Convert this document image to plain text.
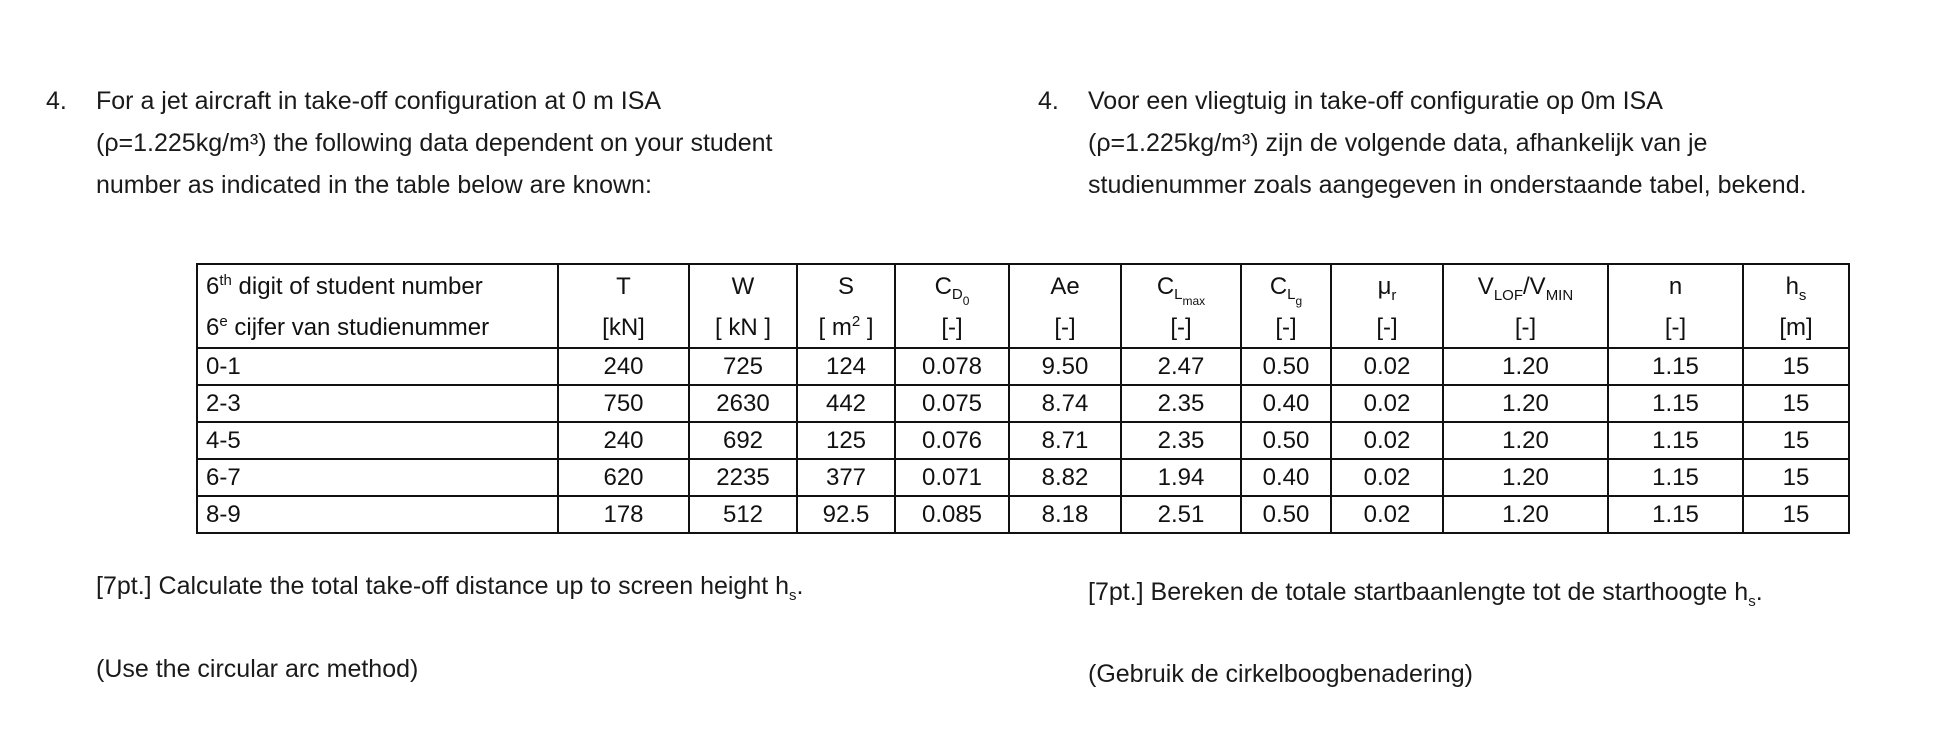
4.	For a jet aircraft in take-off configuration at 0 m ISA
(ρ=1.225kg/m³) the following data dependent on your student
number as indicated in the table below are known:
4.	Voor een vliegtuig in take-off configuratie op 0m ISA
(ρ=1.225kg/m³) zijn de volgende data, afhankelijk van je
studienummer zoals aangegeven in onderstaande tabel, bekend.
6th digit of student number	T	W	S	$C_{D_0}$	Ae	$C_{L_{max}}$	$C_{L_g}$	$\mu_r$	$V_{LOF}/V_{MIN}$	n	$h_s$
6e cijfer van studienummer	[kN]	[ kN ]	[ $m^2$ ]	[-]	[-]	[-]	[-]	[-]	[-]	[-]	[m]
0-1	240	725	124	0.078	9.50	2.47	0.50	0.02	1.20	1.15	15
2-3	750	2630	442	0.075	8.74	2.35	0.40	0.02	1.20	1.15	15
4-5	240	692	125	0.076	8.71	2.35	0.50	0.02	1.20	1.15	15
6-7	620	2235	377	0.071	8.82	1.94	0.40	0.02	1.20	1.15	15
8-9	178	512	92.5	0.085	8.18	2.51	0.50	0.02	1.20	1.15	15
[7pt.] Calculate the total take-off distance up to screen height $h_s$.
(Use the circular arc method)
[7pt.] Bereken de totale startbaanlengte tot de starthoogte $h_s$.
(Gebruik de cirkelboogbenadering)
